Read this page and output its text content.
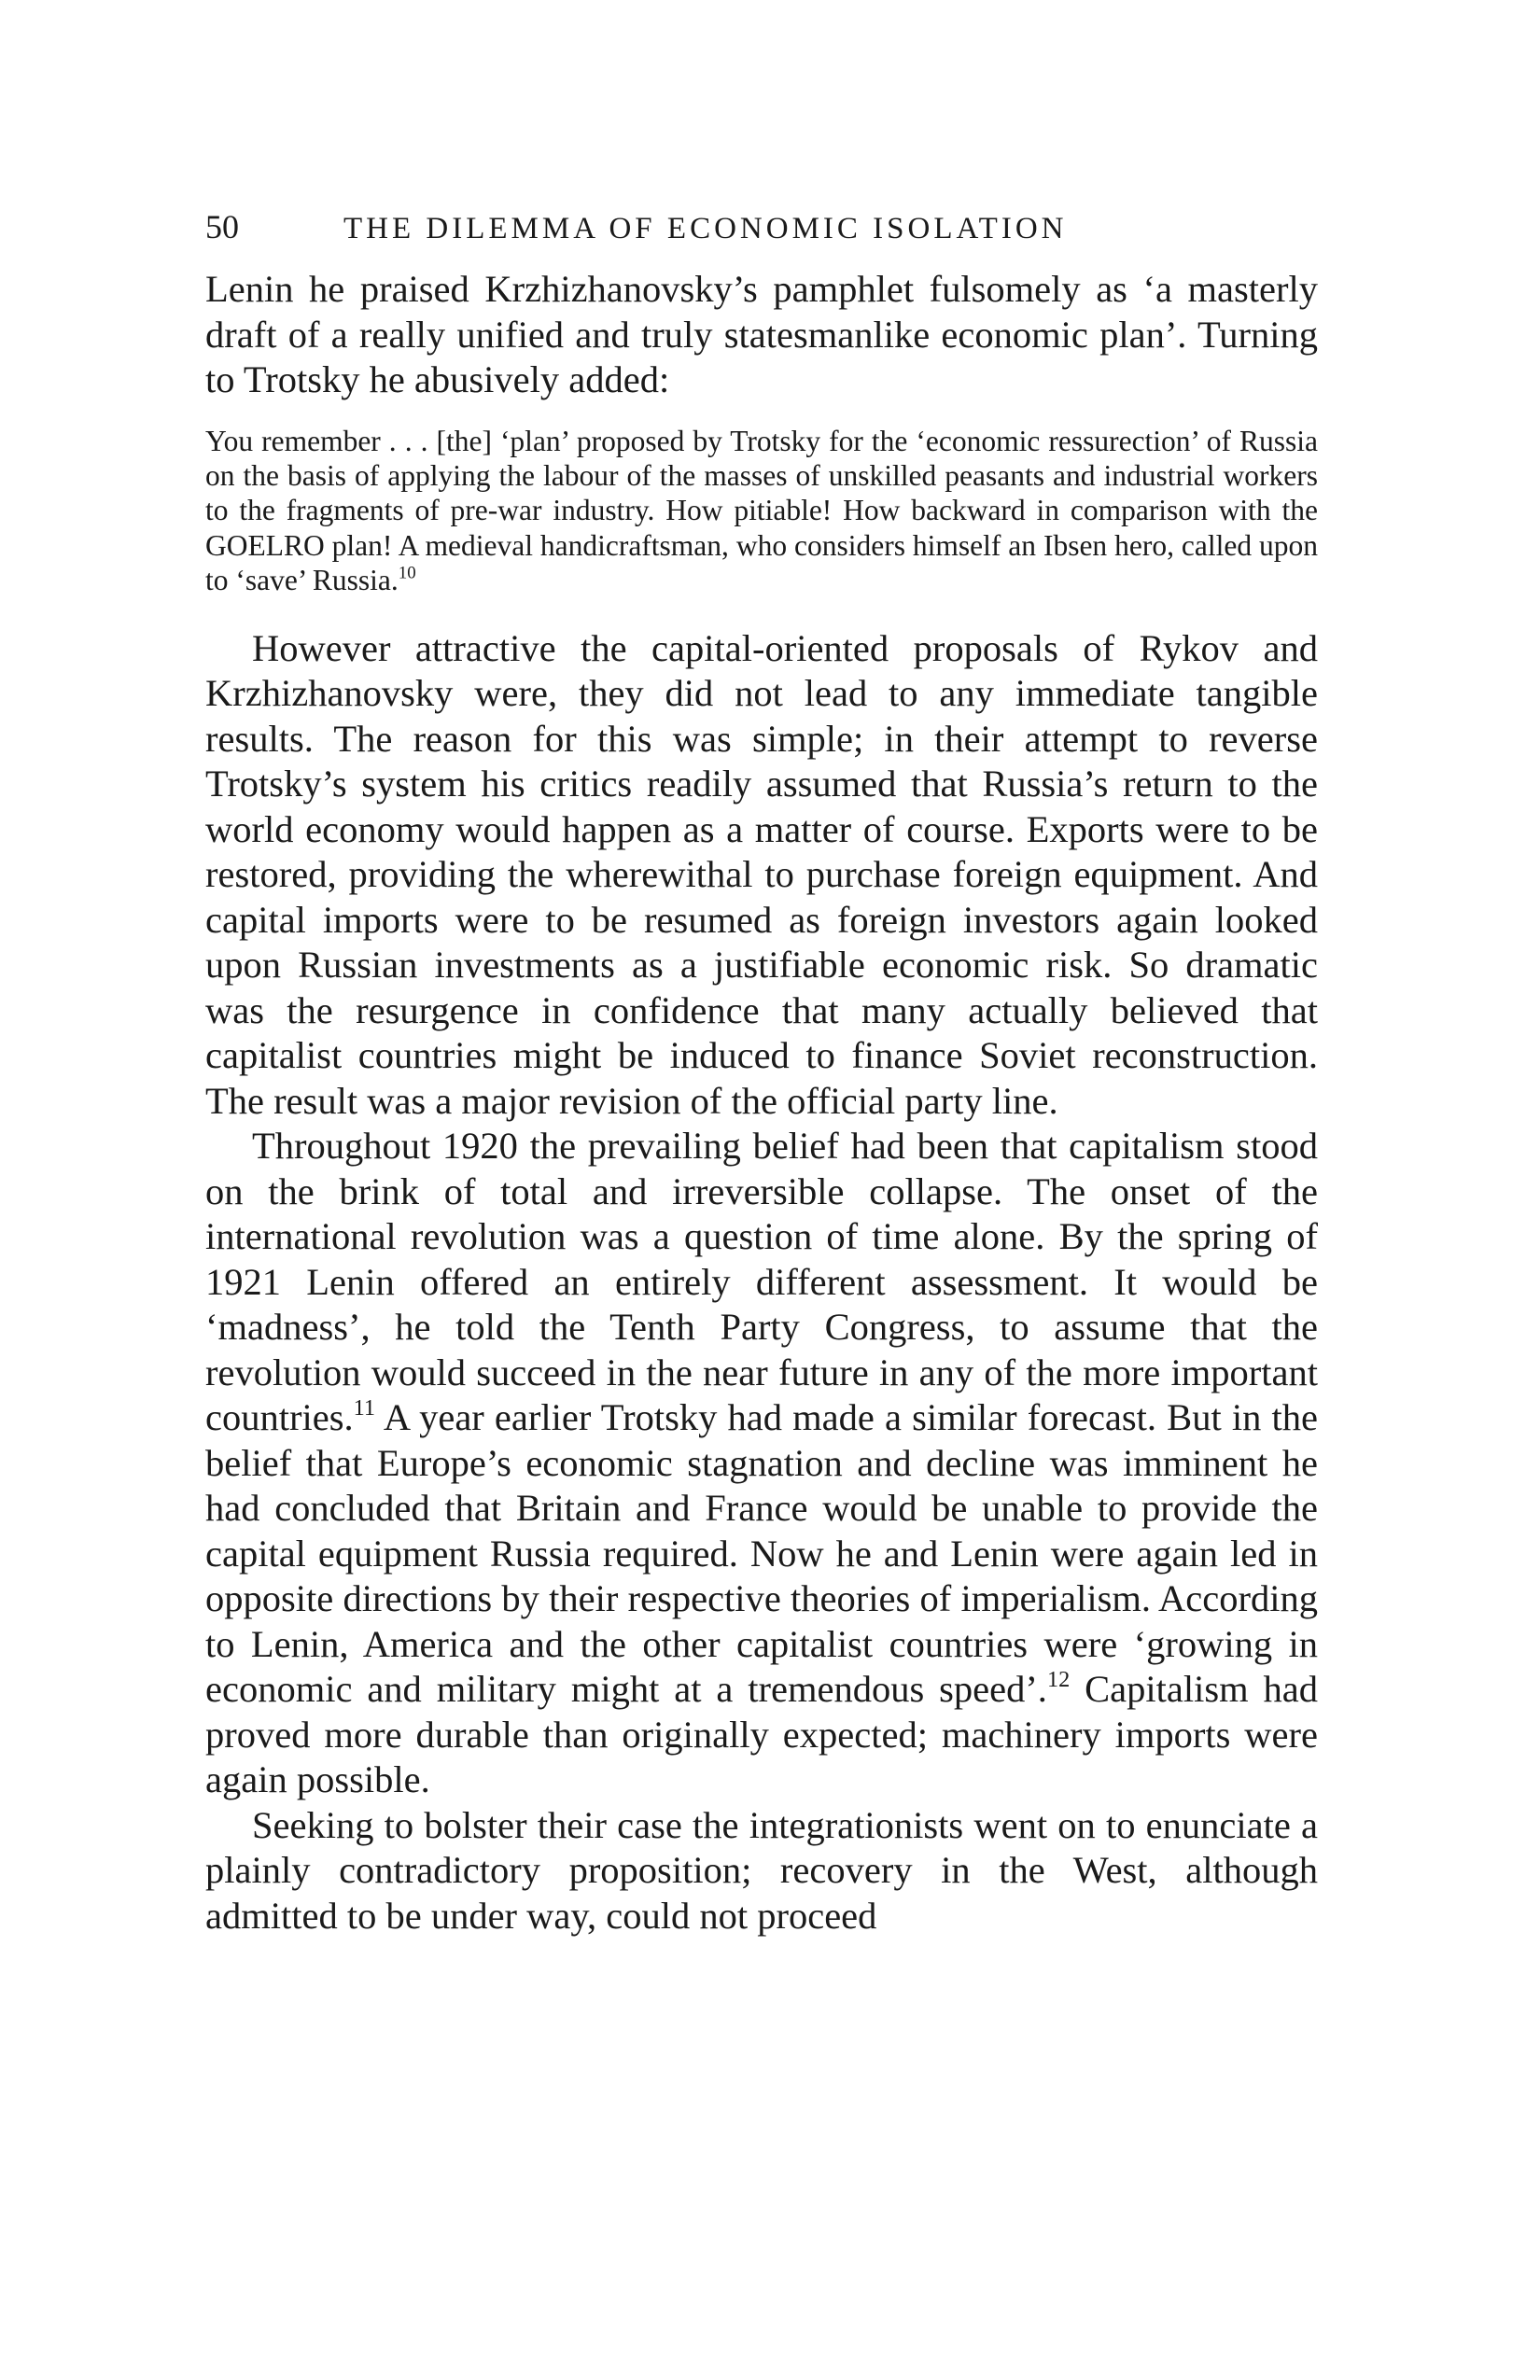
50	THE DILEMMA OF ECONOMIC ISOLATION

Lenin he praised Krzhizhanovsky’s pamphlet fulsomely as ‘a masterly draft of a really unified and truly statesmanlike economic plan’. Turning to Trotsky he abusively added:

You remember . . . [the] ‘plan’ proposed by Trotsky for the ‘economic ressurection’ of Russia on the basis of applying the labour of the masses of unskilled peasants and industrial workers to the fragments of pre-war industry. How pitiable! How backward in comparison with the GOELRO plan! A medieval handicraftsman, who considers himself an Ibsen hero, called upon to ‘save’ Russia.$^{10}$

However attractive the capital-oriented proposals of Rykov and Krzhizhanovsky were, they did not lead to any immediate tangible results. The reason for this was simple; in their attempt to reverse Trotsky’s system his critics readily assumed that Russia’s return to the world economy would happen as a matter of course. Exports were to be restored, providing the wherewithal to purchase foreign equipment. And capital imports were to be resumed as foreign investors again looked upon Russian investments as a justifiable economic risk. So dramatic was the resurgence in confidence that many actually believed that capitalist countries might be induced to finance Soviet reconstruction. The result was a major revision of the official party line.

Throughout 1920 the prevailing belief had been that capitalism stood on the brink of total and irreversible collapse. The onset of the international revolution was a question of time alone. By the spring of 1921 Lenin offered an entirely different assessment. It would be ‘madness’, he told the Tenth Party Congress, to assume that the revolution would succeed in the near future in any of the more important countries.$^{11}$ A year earlier Trotsky had made a similar forecast. But in the belief that Europe’s economic stagnation and decline was imminent he had concluded that Britain and France would be unable to provide the capital equipment Russia required. Now he and Lenin were again led in opposite directions by their respective theories of imperialism. According to Lenin, America and the other capitalist countries were ‘growing in economic and military might at a tremendous speed’.$^{12}$ Capitalism had proved more durable than originally expected; machinery imports were again possible.

Seeking to bolster their case the integrationists went on to enunciate a plainly contradictory proposition; recovery in the West, although admitted to be under way, could not proceed
